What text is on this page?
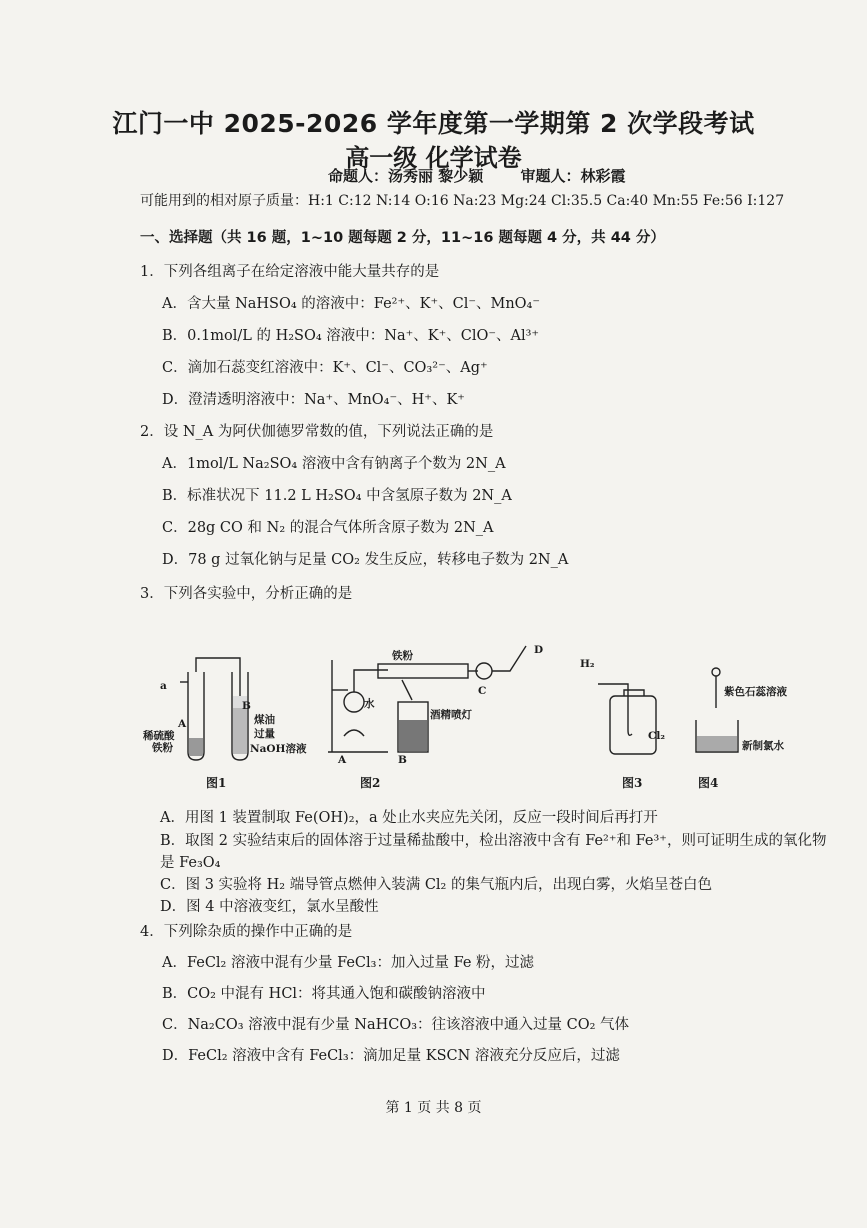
江门一中 2025-2026 学年度第一学期第 2 次学段考试
高一级 化学试卷
命题人：汤秀丽 黎少颖 审题人：林彩霞
可能用到的相对原子质量：H:1 C:12 N:14 O:16 Na:23 Mg:24 Cl:35.5 Ca:40 Mn:55 Fe:56 I:127
一、选择题（共 16 题，1~10 题每题 2 分，11~16 题每题 4 分，共 44 分）
1．下列各组离子在给定溶液中能大量共存的是
A．含大量 NaHSO₄ 的溶液中：Fe²⁺、K⁺、Cl⁻、MnO₄⁻
B．0.1mol/L 的 H₂SO₄ 溶液中：Na⁺、K⁺、ClO⁻、Al³⁺
C．滴加石蕊变红溶液中：K⁺、Cl⁻、CO₃²⁻、Ag⁺
D．澄清透明溶液中：Na⁺、MnO₄⁻、H⁺、K⁺
2．设 N_A 为阿伏伽德罗常数的值，下列说法正确的是
A．1mol/L Na₂SO₄ 溶液中含有钠离子个数为 2N_A
B．标准状况下 11.2 L H₂SO₄ 中含氢原子数为 2N_A
C．28g CO 和 N₂ 的混合气体所含原子数为 2N_A
D．78 g 过氧化钠与足量 CO₂ 发生反应，转移电子数为 2N_A
3．下列各实验中，分析正确的是
a
A
B
稀硫酸
铁粉
煤油
过量
NaOH溶液
图1
铁粉
水
酒精喷灯
A	B
C
D
图2
H₂
Cl₂
图3
紫色石蕊溶液
新制氯水
图4
A．用图 1 装置制取 Fe(OH)₂，a 处止水夹应先关闭，反应一段时间后再打开
B．取图 2 实验结束后的固体溶于过量稀盐酸中，检出溶液中含有 Fe²⁺和 Fe³⁺，则可证明生成的氧化物
是 Fe₃O₄
C．图 3 实验将 H₂ 端导管点燃伸入装满 Cl₂ 的集气瓶内后，出现白雾，火焰呈苍白色
D．图 4 中溶液变红，氯水呈酸性
4．下列除杂质的操作中正确的是
A．FeCl₂ 溶液中混有少量 FeCl₃：加入过量 Fe 粉，过滤
B．CO₂ 中混有 HCl：将其通入饱和碳酸钠溶液中
C．Na₂CO₃ 溶液中混有少量 NaHCO₃：往该溶液中通入过量 CO₂ 气体
D．FeCl₂ 溶液中含有 FeCl₃：滴加足量 KSCN 溶液充分反应后，过滤
第 1 页 共 8 页
